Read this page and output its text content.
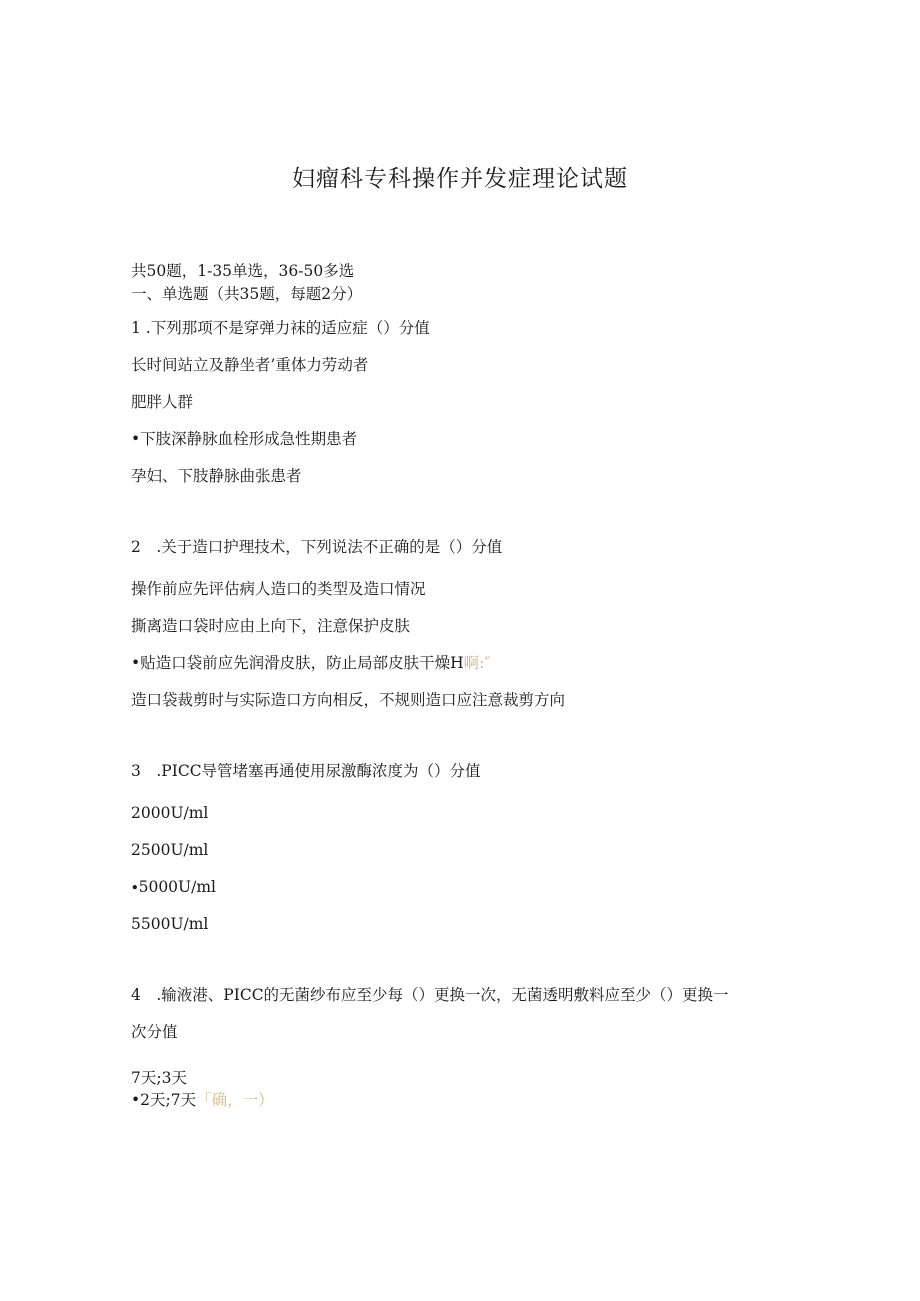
妇瘤科专科操作并发症理论试题
共50题，1-35单选，36-50多选
一、单选题（共35题，每题2分）
1 .下列那项不是穿弹力袜的适应症（）分值
长时间站立及静坐者’重体力劳动者
肥胖人群
•下肢深静脉血栓形成急性期患者
孕妇、下肢静脉曲张患者
2　.关于造口护理技术，下列说法不正确的是（）分值
操作前应先评估病人造口的类型及造口情况
撕离造口袋时应由上向下，注意保护皮肤
•贴造口袋前应先润滑皮肤，防止局部皮肤干燥H啊:″
造口袋裁剪时与实际造口方向相反，不规则造口应注意裁剪方向
3　.PICC导管堵塞再通使用尿激酶浓度为（）分值
2000U∕ml
2500U∕ml
∙5000U∕ml
5500U∕ml
4　.输液港、PICC的无菌纱布应至少每（）更换一次，无菌透明敷料应至少（）更换一
次分值
7天;3天
•2天;7天「确，一）
